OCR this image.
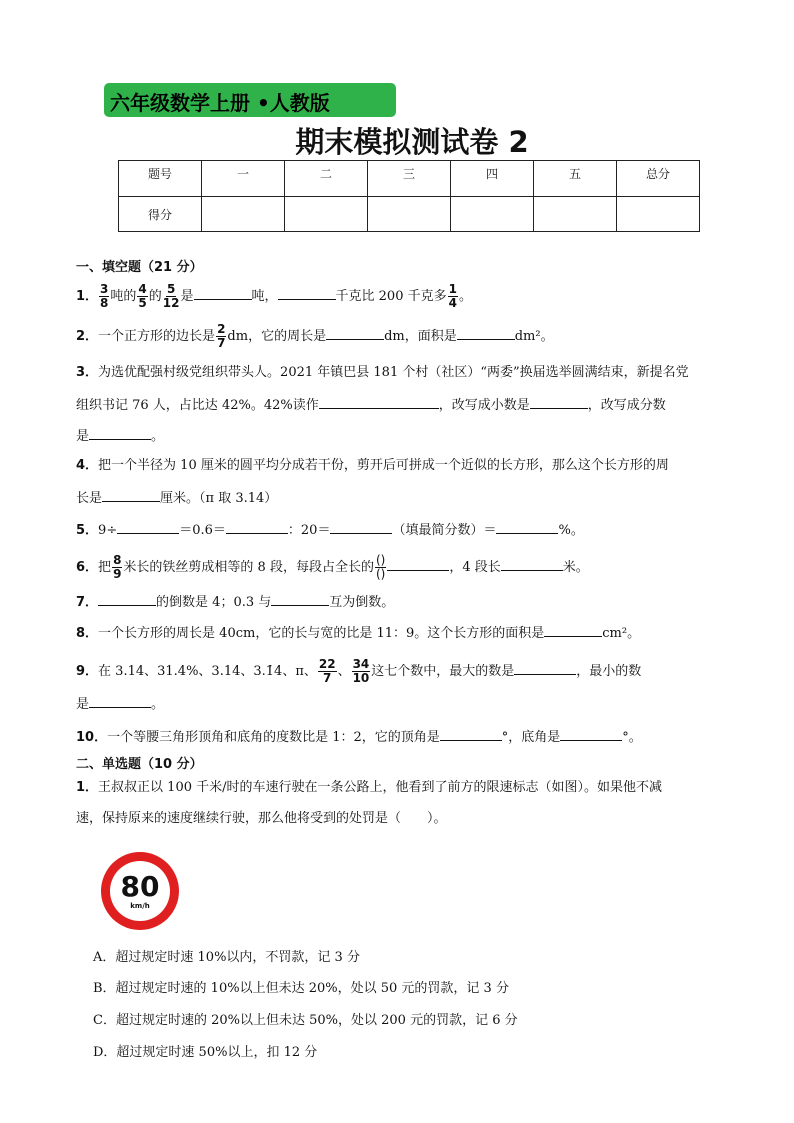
六年级数学上册 •人教版
期末模拟测试卷 2
题号	一	二	三	四	五	总分
得分						
一、填空题（21 分）
1． $\frac{3}{8}$ 吨的 $\frac{4}{5}$ 的 $\frac{5}{12}$ 是	吨，	千克比 200 千克多 $\frac{1}{4}$ 。
2．一个正方形的边长是 $\frac{2}{7}$ dm，它的周长是	dm，面积是	dm²。
3．为选优配强村级党组织带头人。2021 年镇巴县 181 个村（社区）“两委”换届选举圆满结束，新提名党
组织书记 76 人，占比达 42%。42%读作	，改写成小数是	，改写成分数
是	。
4．把一个半径为 10 厘米的圆平均分成若干份，剪开后可拼成一个近似的长方形，那么这个长方形的周
长是	厘米。（π 取 3.14）
5．9÷	＝0.6＝	：20＝	（填最简分数）＝	%。
6．把 $\frac{8}{9}$ 米长的铁丝剪成相等的 8 段，每段占全长的 ()
()	，4 段长	米。
7．	的倒数是 4；0.3 与	互为倒数。
8．一个长方形的周长是 40cm，它的长与宽的比是 11：9。这个长方形的面积是	cm²。
9．在 3.14、31.4%、3.14̇、3.1̇4̇、π、 $\frac{22}{7}$ 、 $\frac{34}{10}$ 这七个数中，最大的数是	，最小的数
是	。
10．一个等腰三角形顶角和底角的度数比是 1：2，它的顶角是	°，底角是	°。
二、单选题（10 分）
1．王叔叔正以 100 千米/时的车速行驶在一条公路上，他看到了前方的限速标志（如图）。如果他不减
速，保持原来的速度继续行驶，那么他将受到的处罚是（　　）。
80
km/h
A．超过规定时速 10%以内，不罚款，记 3 分
B．超过规定时速的 10%以上但未达 20%，处以 50 元的罚款，记 3 分
C．超过规定时速的 20%以上但未达 50%，处以 200 元的罚款，记 6 分
D．超过规定时速 50%以上，扣 12 分
